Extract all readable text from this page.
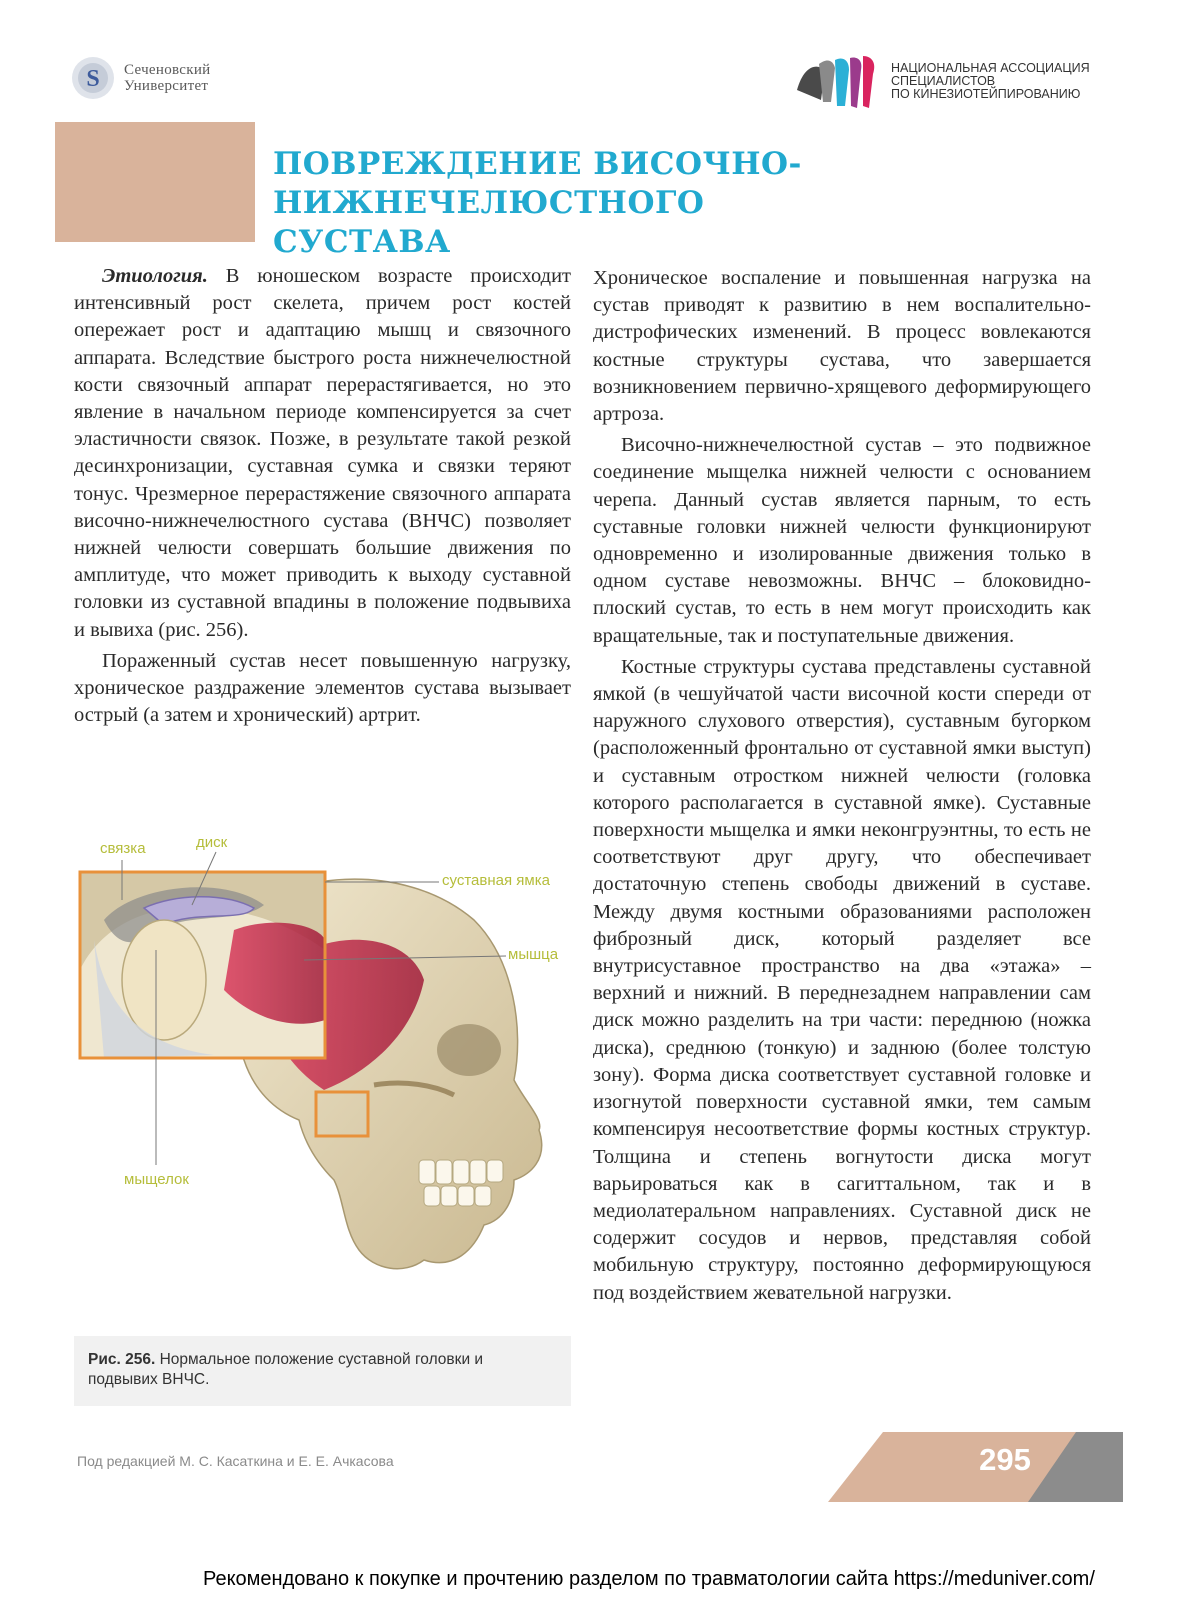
S Сеченовский
Университет
НАЦИОНАЛЬНАЯ АССОЦИАЦИЯ
СПЕЦИАЛИСТОВ
ПО КИНЕЗИОТЕЙПИРОВАНИЮ
ПОВРЕЖДЕНИЕ ВИСОЧНО-
НИЖНЕЧЕЛЮСТНОГО СУСТАВА

Этиология. В юношеском возрасте происходит интенсивный рост скелета, причем рост костей опережает рост и адаптацию мышц и связочного аппарата. Вследствие быстрого роста нижнечелюстной кости связочный аппарат перерастягивается, но это явление в начальном периоде компенсируется за счет эластичности связок. Позже, в результате такой резкой десинхронизации, суставная сумка и связки теряют тонус. Чрезмерное перерастяжение связочного аппарата височно-нижнечелюстного сустава (ВНЧС) позволяет нижней челюсти совершать большие движения по амплитуде, что может приводить к выходу суставной головки из суставной впадины в положение подвывиха и вывиха (рис. 256).

Пораженный сустав несет повышенную нагрузку, хроническое раздражение элементов сустава вызывает острый (а затем и хронический) артрит.

связка	диск
суставная ямка
мышца
мыщелок
Рис. 256. Нормальное положение суставной головки и подвывих ВНЧС.

Хроническое воспаление и повышенная нагрузка на сустав приводят к развитию в нем воспалительно-дистрофических изменений. В процесс вовлекаются костные структуры сустава, что завершается возникновением первично-хрящевого деформирующего артроза.

Височно-нижнечелюстной сустав – это подвижное соединение мыщелка нижней челюсти с основанием черепа. Данный сустав является парным, то есть суставные головки нижней челюсти функционируют одновременно и изолированные движения только в одном суставе невозможны. ВНЧС – блоковидно-плоский сустав, то есть в нем могут происходить как вращательные, так и поступательные движения.

Костные структуры сустава представлены суставной ямкой (в чешуйчатой части височной кости спереди от наружного слухового отверстия), суставным бугорком (расположенный фронтально от суставной ямки выступ) и суставным отростком нижней челюсти (головка которого располагается в суставной ямке). Суставные поверхности мыщелка и ямки неконгруэнтны, то есть не соответствуют друг другу, что обеспечивает достаточную степень свободы движений в суставе. Между двумя костными образованиями расположен фиброзный диск, который разделяет все внутрисуставное пространство на два «этажа» – верхний и нижний. В переднезаднем направлении сам диск можно разделить на три части: переднюю (ножка диска), среднюю (тонкую) и заднюю (более толстую зону). Форма диска соответствует суставной головке и изогнутой поверхности суставной ямки, тем самым компенсируя несоответствие формы костных структур. Толщина и степень вогнутости диска могут варьироваться как в сагиттальном, так и в медиолатеральном направлениях. Суставной диск не содержит сосудов и нервов, представляя собой мобильную структуру, постоянно деформирующуюся под воздействием жевательной нагрузки.

Под редакцией М. С. Касаткина и Е. Е. Ачкасова	295
Рекомендовано к покупке и прочтению разделом по травматологии сайта https://meduniver.com/
